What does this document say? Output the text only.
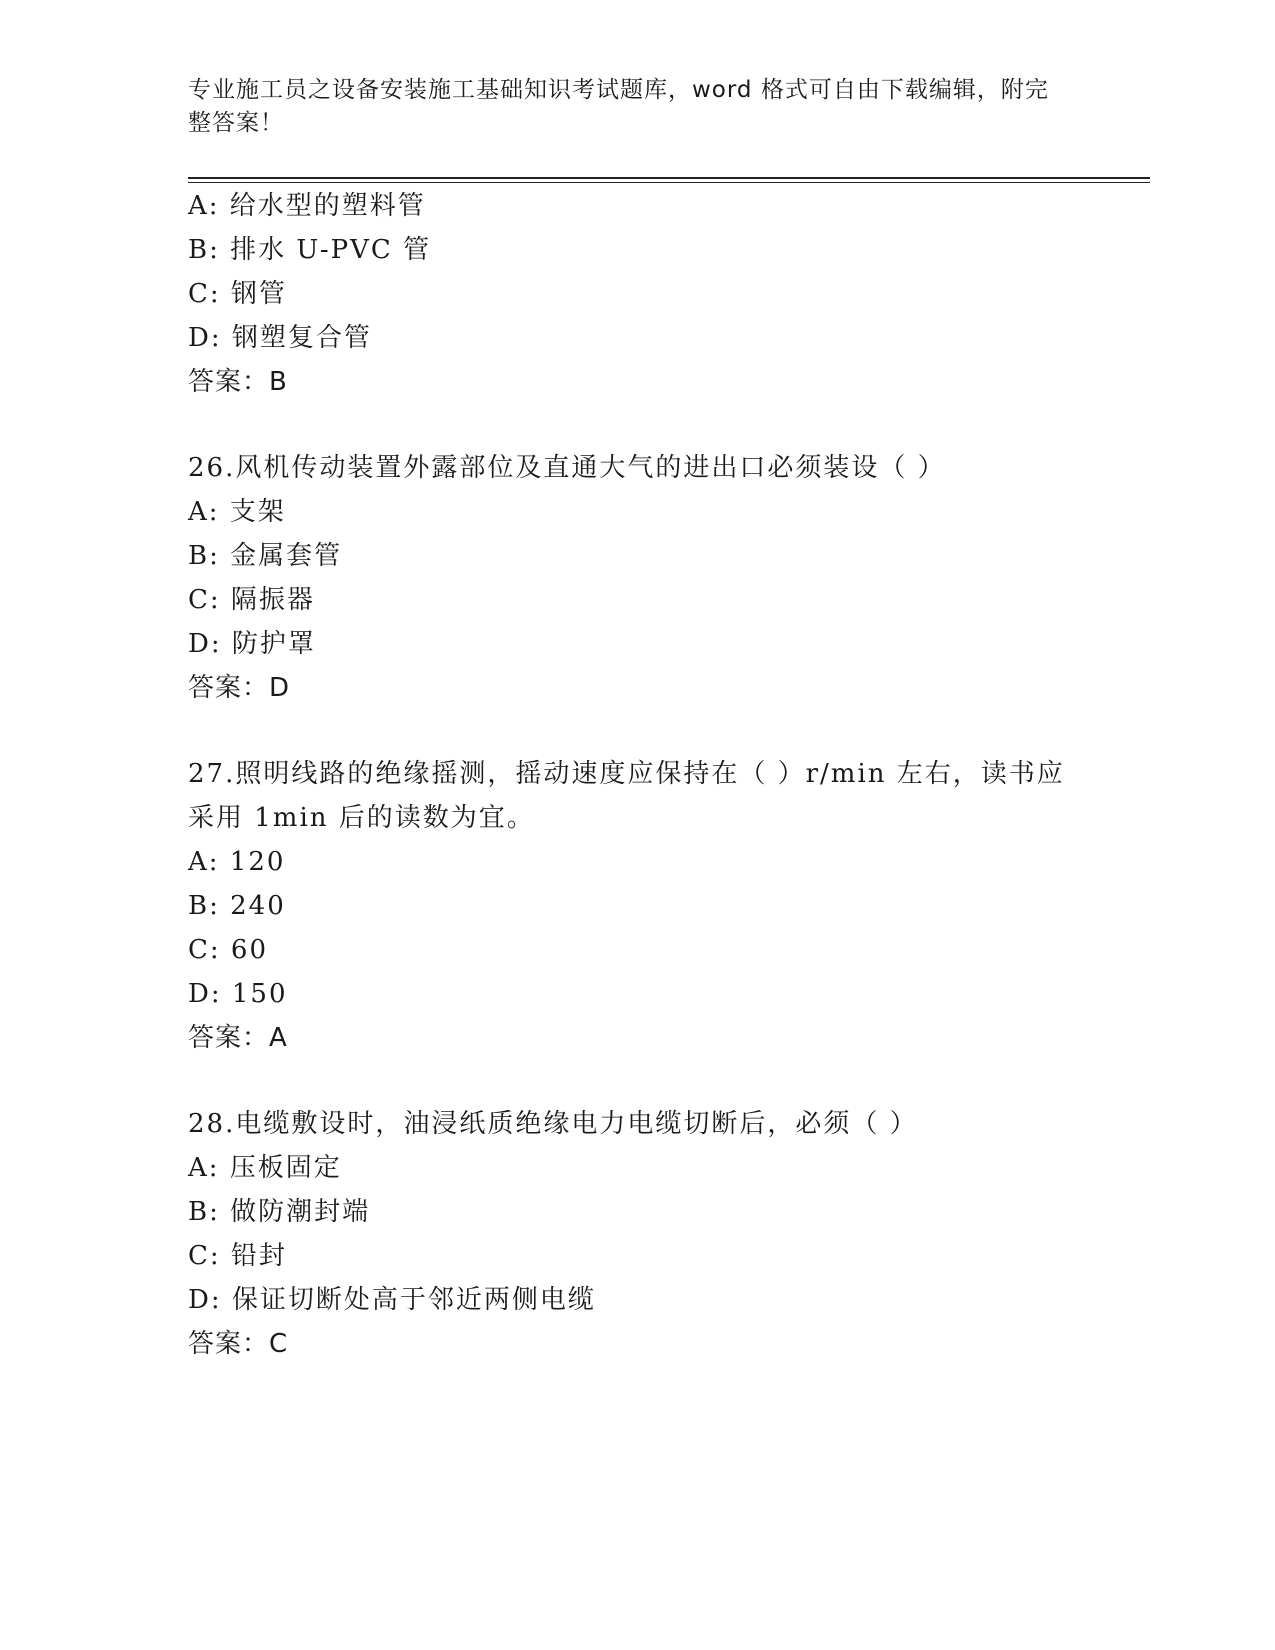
专业施工员之设备安装施工基础知识考试题库，word 格式可自由下载编辑，附完整答案！
A: 给水型的塑料管
B: 排水 U-PVC 管
C: 钢管
D: 钢塑复合管
答案：B
26.风机传动装置外露部位及直通大气的进出口必须装设（ ）
A: 支架
B: 金属套管
C: 隔振器
D: 防护罩
答案：D
27.照明线路的绝缘摇测，摇动速度应保持在（ ）r/min 左右，读书应
采用 1min 后的读数为宜。
A: 120
B: 240
C: 60
D: 150
答案：A
28.电缆敷设时，油浸纸质绝缘电力电缆切断后，必须（ ）
A: 压板固定
B: 做防潮封端
C: 铅封
D: 保证切断处高于邻近两侧电缆
答案：C
